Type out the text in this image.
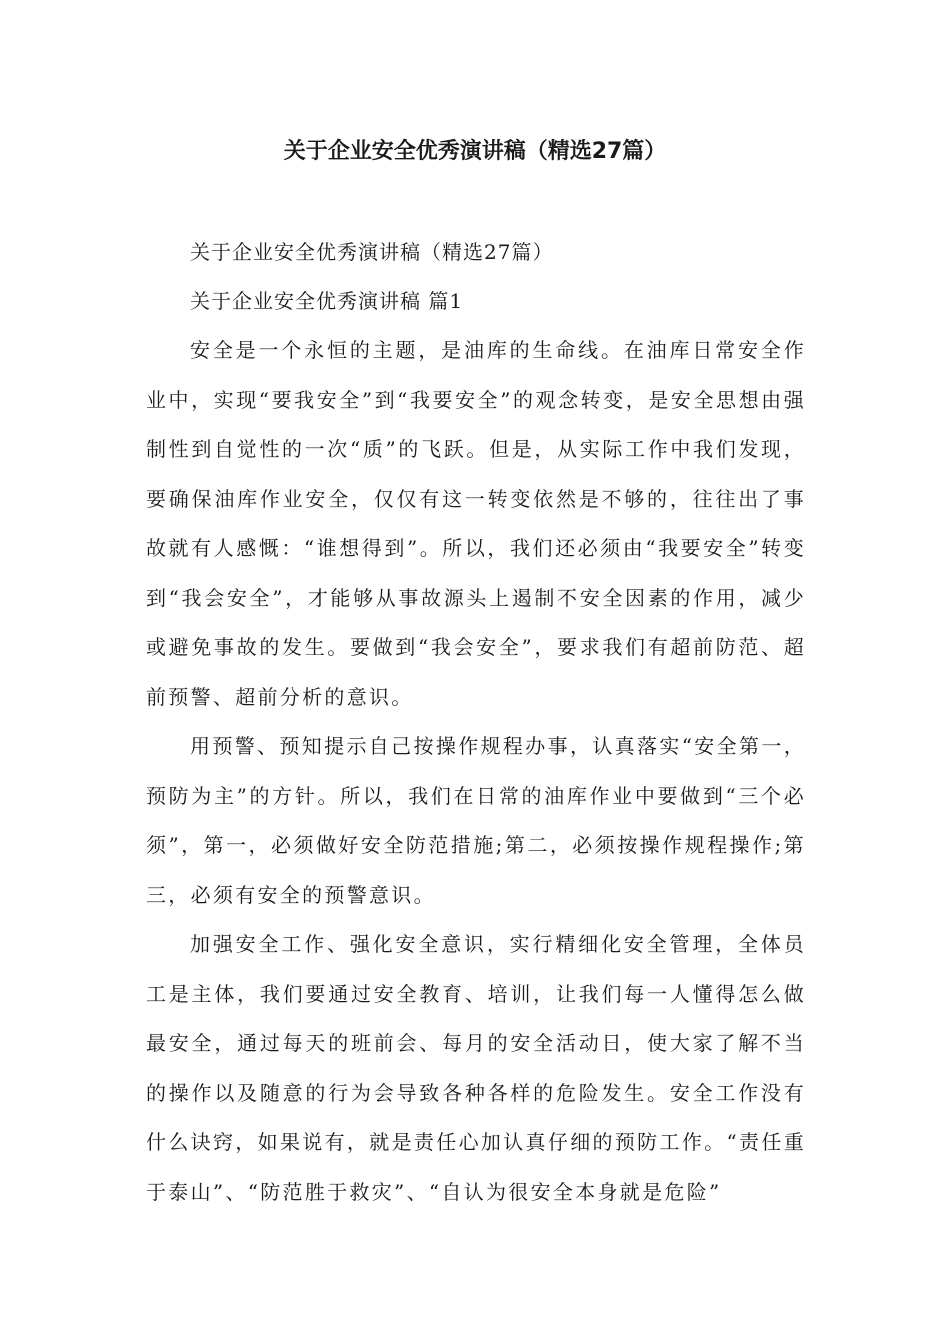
关于企业安全优秀演讲稿（精选27篇）

关于企业安全优秀演讲稿（精选27篇）

关于企业安全优秀演讲稿 篇1

安全是一个永恒的主题，是油库的生命线。在油库日常安全作业中，实现“要我安全”到“我要安全”的观念转变，是安全思想由强制性到自觉性的一次“质”的飞跃。但是，从实际工作中我们发现，要确保油库作业安全，仅仅有这一转变依然是不够的，往往出了事故就有人感慨：“谁想得到”。所以，我们还必须由“我要安全”转变到“我会安全”，才能够从事故源头上遏制不安全因素的作用，减少或避免事故的发生。要做到“我会安全”，要求我们有超前防范、超前预警、超前分析的意识。

用预警、预知提示自己按操作规程办事，认真落实“安全第一，预防为主”的方针。所以，我们在日常的油库作业中要做到“三个必须”，第一，必须做好安全防范措施;第二，必须按操作规程操作;第三，必须有安全的预警意识。

加强安全工作、强化安全意识，实行精细化安全管理，全体员工是主体，我们要通过安全教育、培训，让我们每一人懂得怎么做最安全，通过每天的班前会、每月的安全活动日，使大家了解不当的操作以及随意的行为会导致各种各样的危险发生。安全工作没有什么诀窍，如果说有，就是责任心加认真仔细的预防工作。“责任重于泰山”、“防范胜于救灾”、“自认为很安全本身就是危险”
